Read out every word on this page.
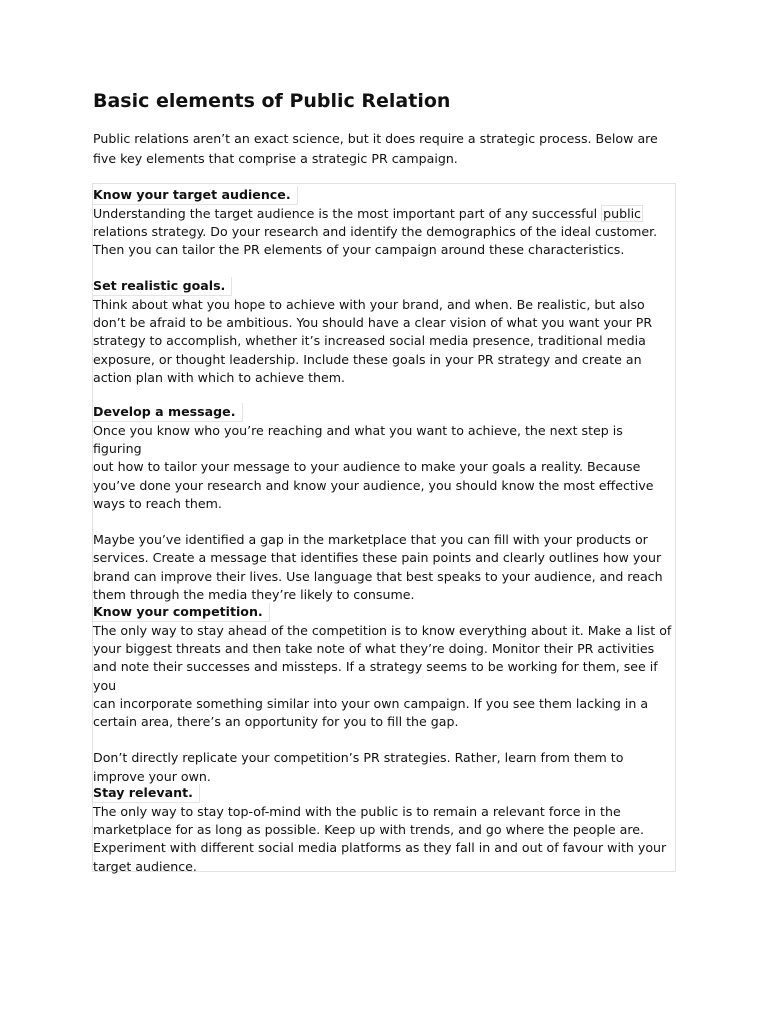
Basic elements of Public Relation

Public relations aren’t an exact science, but it does require a strategic process. Below are
five key elements that comprise a strategic PR campaign.

Know your target audience.

Understanding the target audience is the most important part of any successful public
relations strategy. Do your research and identify the demographics of the ideal customer.
Then you can tailor the PR elements of your campaign around these characteristics.

Set realistic goals.

Think about what you hope to achieve with your brand, and when. Be realistic, but also
don’t be afraid to be ambitious. You should have a clear vision of what you want your PR
strategy to accomplish, whether it’s increased social media presence, traditional media
exposure, or thought leadership. Include these goals in your PR strategy and create an
action plan with which to achieve them.

Develop a message.

Once you know who you’re reaching and what you want to achieve, the next step is figuring
out how to tailor your message to your audience to make your goals a reality. Because
you’ve done your research and know your audience, you should know the most effective
ways to reach them.

Maybe you’ve identified a gap in the marketplace that you can fill with your products or
services. Create a message that identifies these pain points and clearly outlines how your
brand can improve their lives. Use language that best speaks to your audience, and reach
them through the media they’re likely to consume.

Know your competition.

The only way to stay ahead of the competition is to know everything about it. Make a list of
your biggest threats and then take note of what they’re doing. Monitor their PR activities
and note their successes and missteps. If a strategy seems to be working for them, see if you
can incorporate something similar into your own campaign. If you see them lacking in a
certain area, there’s an opportunity for you to fill the gap.

Don’t directly replicate your competition’s PR strategies. Rather, learn from them to
improve your own.

Stay relevant.

The only way to stay top-of-mind with the public is to remain a relevant force in the
marketplace for as long as possible. Keep up with trends, and go where the people are.
Experiment with different social media platforms as they fall in and out of favour with your
target audience.
